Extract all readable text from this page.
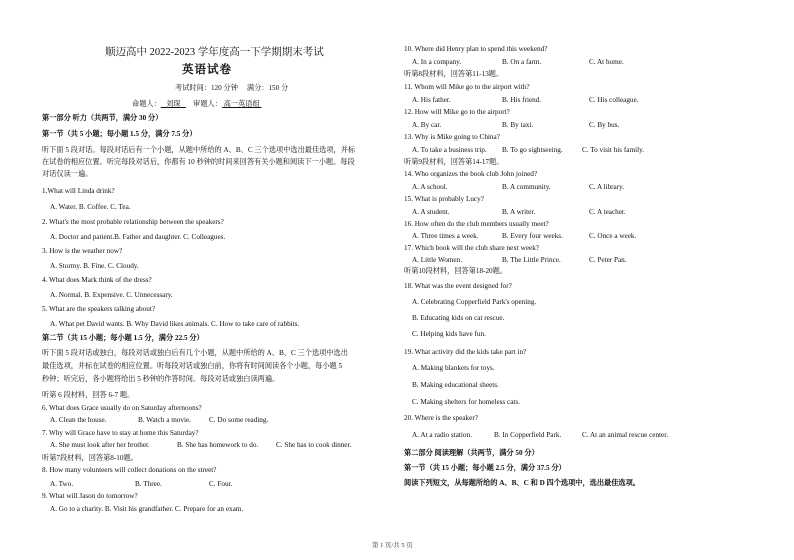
顺迈高中 2022-2023 学年度高一下学期期末考试
英语试卷
考试时间：120 分钟 满分：150 分
命题人： 刘琛 审题人： 高一英语组
第一部分 听力（共两节，满分 30 分）
第一节（共 5 小题；每小题 1.5 分，满分 7.5 分）
听下面 5 段对话。每段对话后有一个小题，从题中所给的 A、B、C 三个选项中选出最佳选项，并标
在试卷的相应位置。听完每段对话后，你都有 10 秒钟的时间来回答有关小题和阅读下一小题。每段
对话仅读一遍。
1.What will Linda drink?
A. Water. B. Coffee. C. Tea.
2. What's the most probable relationship between the speakers?
A. Doctor and patient.B. Father and daughter. C. Colleagues.
3. How is the weather now?
A. Stormy. B. Fine. C. Cloudy.
4. What does Mark think of the dress?
A. Normal. B. Expensive. C. Unnecessary.
5. What are the speakers talking about?
A. What pet David wants. B. Why David likes animals. C. How to take care of rabbits.
第二节（共 15 小题；每小题 1.5 分，满分 22.5 分）
听下面 5 段对话或独白，每段对话或独白后有几个小题，从题中所给的 A、B、C 三个选项中选出
最佳选项，并标在试卷的相应位置。听每段对话或独白前，你将有时间阅读各个小题，每小题 5
秒钟；听完后，各小题将给出 5 秒钟的作答时间。每段对话或独白读两遍。
听第 6 段材料，回答 6-7 题。
6. What does Grace usually do on Saturday afternoons?
A. Clean the house.	B. Watch a movie.	C. Do some reading.
7. Why will Grace have to stay at home this Saturday?
A. She must look after her brother.	B. She has homework to do. C. She has to cook dinner.
听第7段材料，回答第8-10题。
8. How many volunteers will collect donations on the street?
A. Two.	B. Three.	C. Four.
9. What will Jason do tomorrow?
A. Go to a charity. B. Visit his grandfather. C. Prepare for an exam.
10. Where did Henry plan to spend this weekend?
A. In a company.	B. On a farm.	C. At home.
听第8段材料，回答第11-13题。
11. Whom will Mike go to the airport with?
A. His father.	B. His friend.	C. His colleague.
12. How will Mike go to the airport?
A. By car.	B. By taxi.	C. By bus.
13. Why is Mike going to China?
A. To take a business trip. B. To go sightseeing.	C. To visit his family.
听第9段材料，回答第14-17题。
14. Who organizes the book club John joined?
A. A school.	B. A community.	C. A library.
15. What is probably Lucy?
A. A student.	B. A writer.	C. A teacher.
16. How often do the club members usually meet?
A. Three times a week.	B. Every four weeks.	C. Once a week.
17. Which book will the club share next week?
A. Little Women.	B. The Little Prince.	C. Peter Pan.
听第10段材料，回答第18-20题。
18. What was the event designed for?
A. Celebrating Copperfield Park's opening.
B. Educating kids on cat rescue.
C. Helping kids have fun.
19. What activity did the kids take part in?
A. Making blankets for toys.
B. Making educational sheets.
C. Making shelters for homeless cats.
20. Where is the speaker?
A. At a radio station.	B. In Copperfield Park.	C. At an animal rescue center.
第二部分 阅读理解（共两节，满分 50 分）
第一节（共 15 小题；每小题 2.5 分，满分 37.5 分）
阅读下列短文，从每题所给的 A、B、C 和 D 四个选项中，选出最佳选项。
第 1 页/共 5 页
